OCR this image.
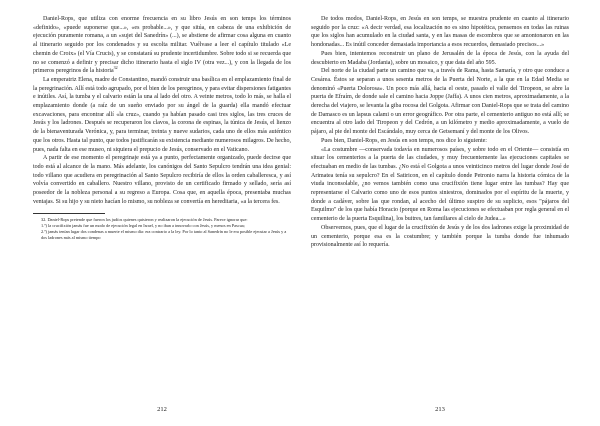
Daniel-Rops, que utiliza con enorme frecuencia en su libro Jesús en son temps los términos «definido», «puede suponerse que...», «es probable...», y que sitúa, en cabeza de una exhibición de ejecución puramente romana, a un «sujet del Sanedrín» (...), se abstiene de afirmar cosa alguna en cuanto al itinerario seguido por los condenados y su escolta militar. Vuélvase a leer el capítulo titulado «Le chemin de Croix» (el Vía Crucis), y se constatará su prudente incertidumbre. Sobre todo si se recuerda que no se comenzó a definir y precisar dicho itinerario hasta el siglo IV (otra vez...), y con la llegada de los primeros peregrinos de la historia$^{32}$

La emperatriz Elena, madre de Constantino, mandó construir una basílica en el emplazamiento final de la peregrinación. Allí está todo agrupado, por el bien de los peregrinos, y para evitar dispersiones fatigantes e inútiles. Así, la tumba y el calvario están la una al lado del otro. A veinte metros, todo lo más, se halla el emplazamiento donde (a raíz de un sueño enviado por su ángel de la guarda) ella mandó efectuar excavaciones, para encontrar allí «la cruz», cuando ya habían pasado casi tres siglos, las tres cruces de Jesús y los ladrones. Después se recuperaron los clavos, la corona de espinas, la túnica de Jesús, el lienzo de la bienaventurada Verónica, y, para terminar, treinta y nueve sudarios, cada uno de ellos más auténtico que los otros. Hasta tal punto, que todos justificarán su existencia mediante numerosos milagros. De hecho, pues, nada falta en ese museo, ni siquiera el prepucio de Jesús, conservado en el Vaticano.

A partir de ese momento el peregrinaje está ya a punto, perfectamente organizado, puede decirse que todo está al alcance de la mano. Más adelante, los canónigos del Santo Sepulcro tendrán una idea genial: todo villano que acudiera en peregrinación al Santo Sepulcro recibiría de ellos la orden caballeresca, y así volvía convertido en caballero. Nuestro villano, provisto de un certificado firmado y sellado, sería así poseedor de la nobleza personal a su regreso a Europa. Cosa que, en aquella época, presentaba muchas ventajas. Si su hijo y su nieto hacían lo mismo, su nobleza se convertía en hereditaria, «a la tercera fes.

32. Daniel-Rops pretende que fueron los judíos quienes quisieron y realizaron la ejecución de Jesús. Parece ignorar que:

1.º) la crucifixión jamás fue un modo de ejecución legal en Israel, y no iban a innovarlo con Jesús, y menos en Pascua;

2.º) jamás tenían lugar dos condenas a muerte el mismo día: era contrario a la ley. Por lo tanto al Sanedrín no le era posible ejecutar a Jesús y a dos ladrones más al mismo tiempo

212

De todos modos, Daniel-Rops, en Jesús en son temps, se muestra prudente en cuanto al itinerario seguido por la cruz: «A decir verdad, esa localización no es sino hipotética, pensemos en todas las ruinas que los siglos han acumulado en la ciudad santa, y en las masas de escombros que se amontonaron en las hondonadas... Es inútil conceder demasiada importancia a esos recuerdos, demasiado precisos...»

Pues bien, intentemos reconstruir un plano de Jerusalén de la época de Jesús, con la ayuda del descubierto en Madaba (Jordania), sobre un mosaico, y que data del año 595.

Del norte de la ciudad parte un camino que va, a través de Rama, hasta Samaría, y otro que conduce a Cesárea. Éstos se separan a unos sesenta metros de la Puerta del Norte, a la que en la Edad Media se denominó «Puerta Dolorosa». Un poco más allá, hacia el oeste, pasado el valle del Tiropeon, se abre la puerta de Efraím, de donde sale el camino hacia Joppe (Jaffa). A unos cien metros, aproximadamente, a la derecha del viajero, se levanta la giba rocosa del Golgota. Afirmar con Daniel-Rops que se trata del camino de Damasco es un lapsus calami o un error geográfico. Por otra parte, el cementerio antiguo no está allí; se encuentra al otro lado del Tiropeon y del Cedrón, a un kilómetro y medio aproximadamente, a vuelo de pájaro, al pie del monte del Escándalo, muy cerca de Getsemaní y del monte de los Olivos.

Pues bien, Daniel-Rops, en Jesús en son temps, nos dice lo siguiente:

«La costumbre —conservada todavía en numerosos países, y sobre todo en el Oriente— consistía en situar los cementerios a la puerta de las ciudades, y muy frecuentemente las ejecuciones capitales se efectuaban en medio de las tumbas. ¿No está el Golgota a unos veinticinco metros del lugar donde José de Arimatea tenía su sepulcro? En el Satiricon, en el capítulo donde Petronio narra la historia cómica de la viuda inconsolable, ¿no vemos también como una crucifixión tiene lugar entre las tumbas? Hay que representarse el Calvario como uno de esos puntos siniestros, dominados por el espíritu de la muerte, y donde a cadáver, sobre las que rondan, al acecho del último suspiro de su suplicio, esos "pájaros del Esquilmo" de los que había Horacio (porque en Roma las ejecuciones se efectuaban por regla general en el cementerio de la puerta Esquilina), los buitres, tan familiares al cielo de Judea...»

Observemos, pues, que el lugar de la crucifixión de Jesús y de los dos ladrones exige la proximidad de un cementerio, porque esa es la costumbre; y también porque la tumba donde fue inhumado provisionalmente así lo requería.

213
